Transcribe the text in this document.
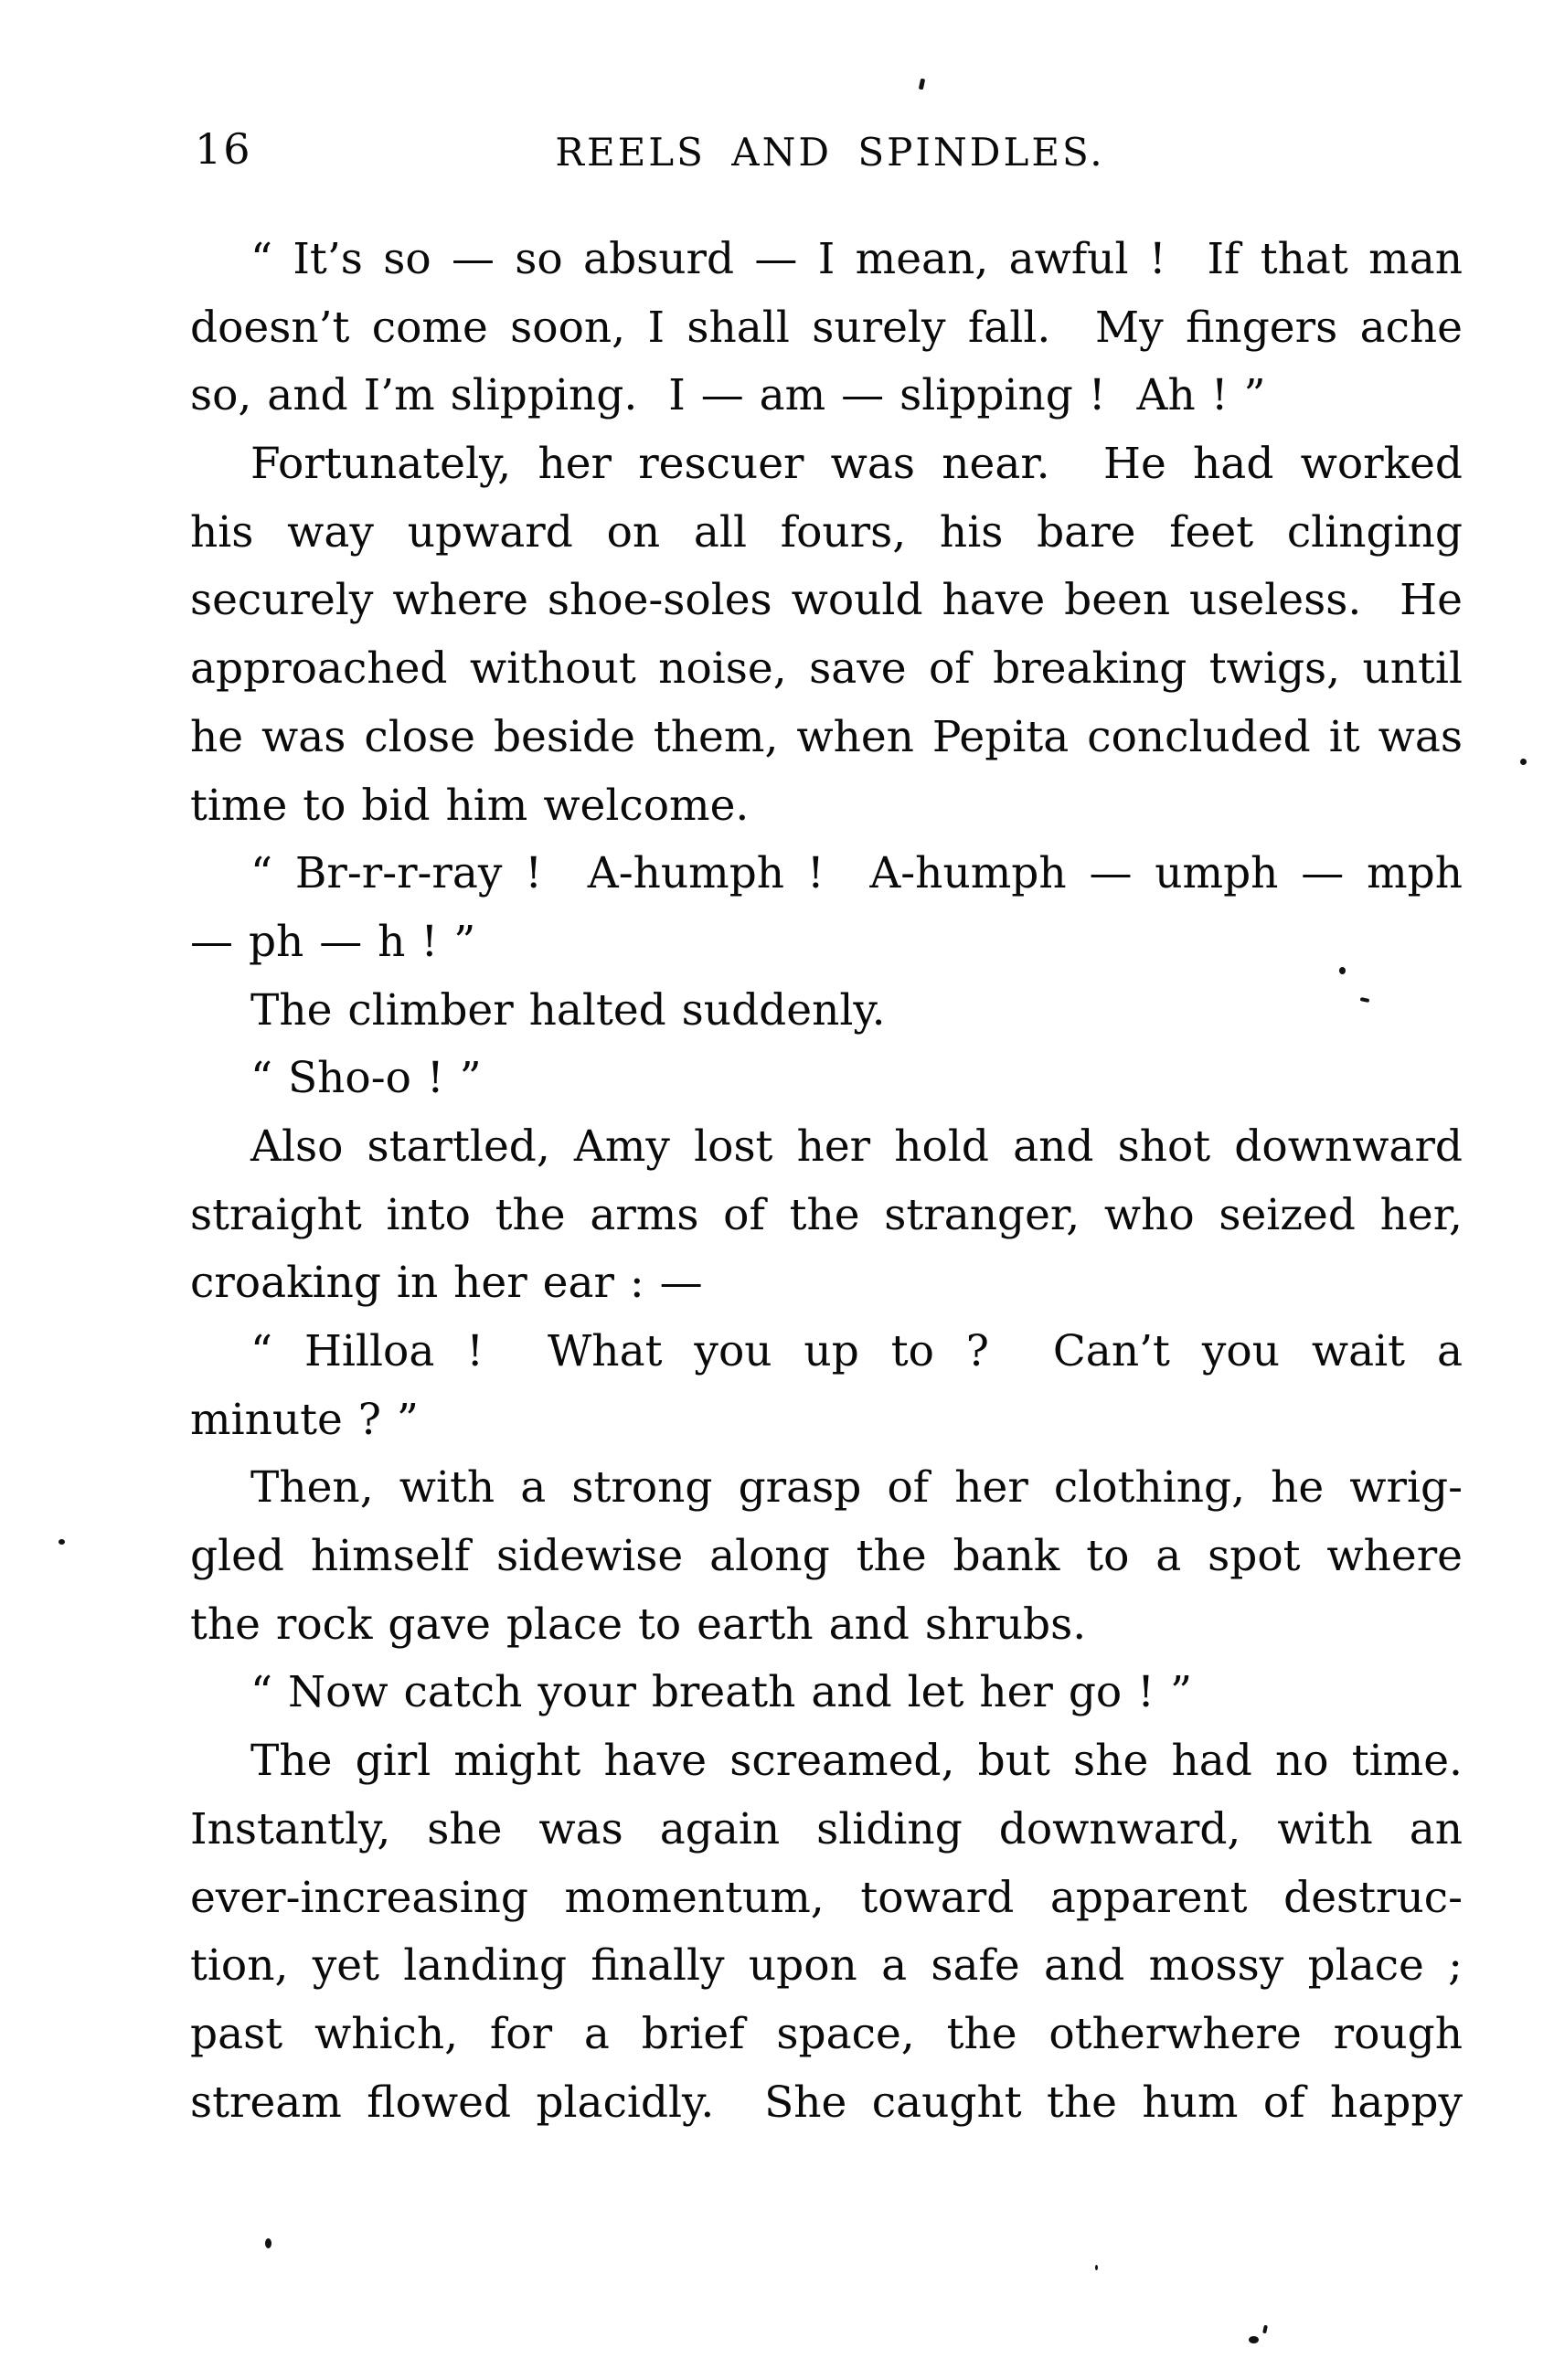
16	REELS AND SPINDLES.
“ It’s so — so absurd — I mean, awful !  If that man
doesn’t come soon, I shall surely fall.  My fingers ache
so, and I’m slipping.  I — am — slipping !  Ah ! ”
Fortunately, her rescuer was near.  He had worked
his way upward on all fours, his bare feet clinging
securely where shoe-soles would have been useless.  He
approached without noise, save of breaking twigs, until
he was close beside them, when Pepita concluded it was
time to bid him welcome.
“ Br-r-r-ray !  A-humph !  A-humph — umph — mph
— ph — h ! ”
The climber halted suddenly.
“ Sho-o ! ”
Also startled, Amy lost her hold and shot downward
straight into the arms of the stranger, who seized her,
croaking in her ear : —
“ Hilloa !  What you up to ?  Can’t you wait a
minute ? ”
Then, with a strong grasp of her clothing, he wrig-
gled himself sidewise along the bank to a spot where
the rock gave place to earth and shrubs.
“ Now catch your breath and let her go ! ”
The girl might have screamed, but she had no time.
Instantly, she was again sliding downward, with an
ever-increasing momentum, toward apparent destruc-
tion, yet landing finally upon a safe and mossy place ;
past which, for a brief space, the otherwhere rough
stream flowed placidly.  She caught the hum of happy
